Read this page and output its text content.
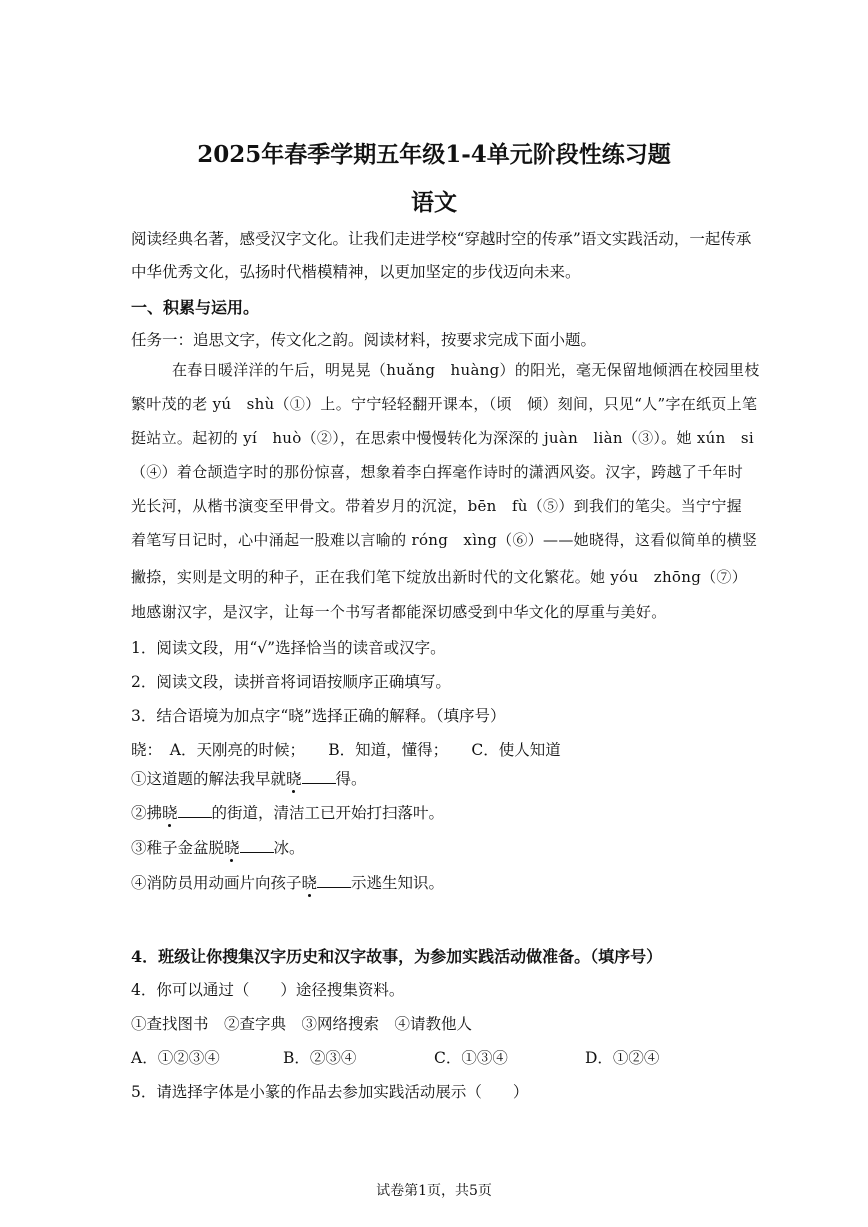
2025年春季学期五年级1-4单元阶段性练习题
语文
阅读经典名著，感受汉字文化。让我们走进学校“穿越时空的传承”语文实践活动，一起传承
中华优秀文化，弘扬时代楷模精神，以更加坚定的步伐迈向未来。
一、积累与运用。
任务一：追思文字，传文化之韵。阅读材料，按要求完成下面小题。
在春日暖洋洋的午后，明晃晃（huǎng　huàng）的阳光，毫无保留地倾洒在校园里枝
繁叶茂的老 yú　shù（①）上。宁宁轻轻翻开课本，（顷　倾）刻间，只见“人”字在纸页上笔
挺站立。起初的 yí　huò（②），在思索中慢慢转化为深深的 juàn　liàn（③）。她 xún　si
（④）着仓颉造字时的那份惊喜，想象着李白挥毫作诗时的潇洒风姿。汉字，跨越了千年时
光长河，从楷书演变至甲骨文。带着岁月的沉淀，bēn　fù（⑤）到我们的笔尖。当宁宁握
着笔写日记时，心中涌起一股难以言喻的 róng　xìng（⑥）——她晓得，这看似简单的横竖
撇捺，实则是文明的种子，正在我们笔下绽放出新时代的文化繁花。她 yóu　zhōng（⑦）
地感谢汉字，是汉字，让每一个书写者都能深切感受到中华文化的厚重与美好。
1．阅读文段，用“√”选择恰当的读音或汉字。
2．阅读文段，读拼音将词语按顺序正确填写。
3．结合语境为加点字“晓”选择正确的解释。（填序号）
晓：　A．天刚亮的时候；　　B．知道，懂得；　　C．使人知道
①这道题的解法我早就晓 得。
②拂晓 的街道，清洁工已开始打扫落叶。
③稚子金盆脱晓 冰。
④消防员用动画片向孩子晓 示逃生知识。
4．班级让你搜集汉字历史和汉字故事，为参加实践活动做准备。（填序号）
4．你可以通过（　　）途径搜集资料。
①查找图书　②查字典　③网络搜索　④请教他人
A．①②③④	B．②③④	C．①③④	D．①②④
5．请选择字体是小篆的作品去参加实践活动展示（　　）
试卷第1页，共5页
